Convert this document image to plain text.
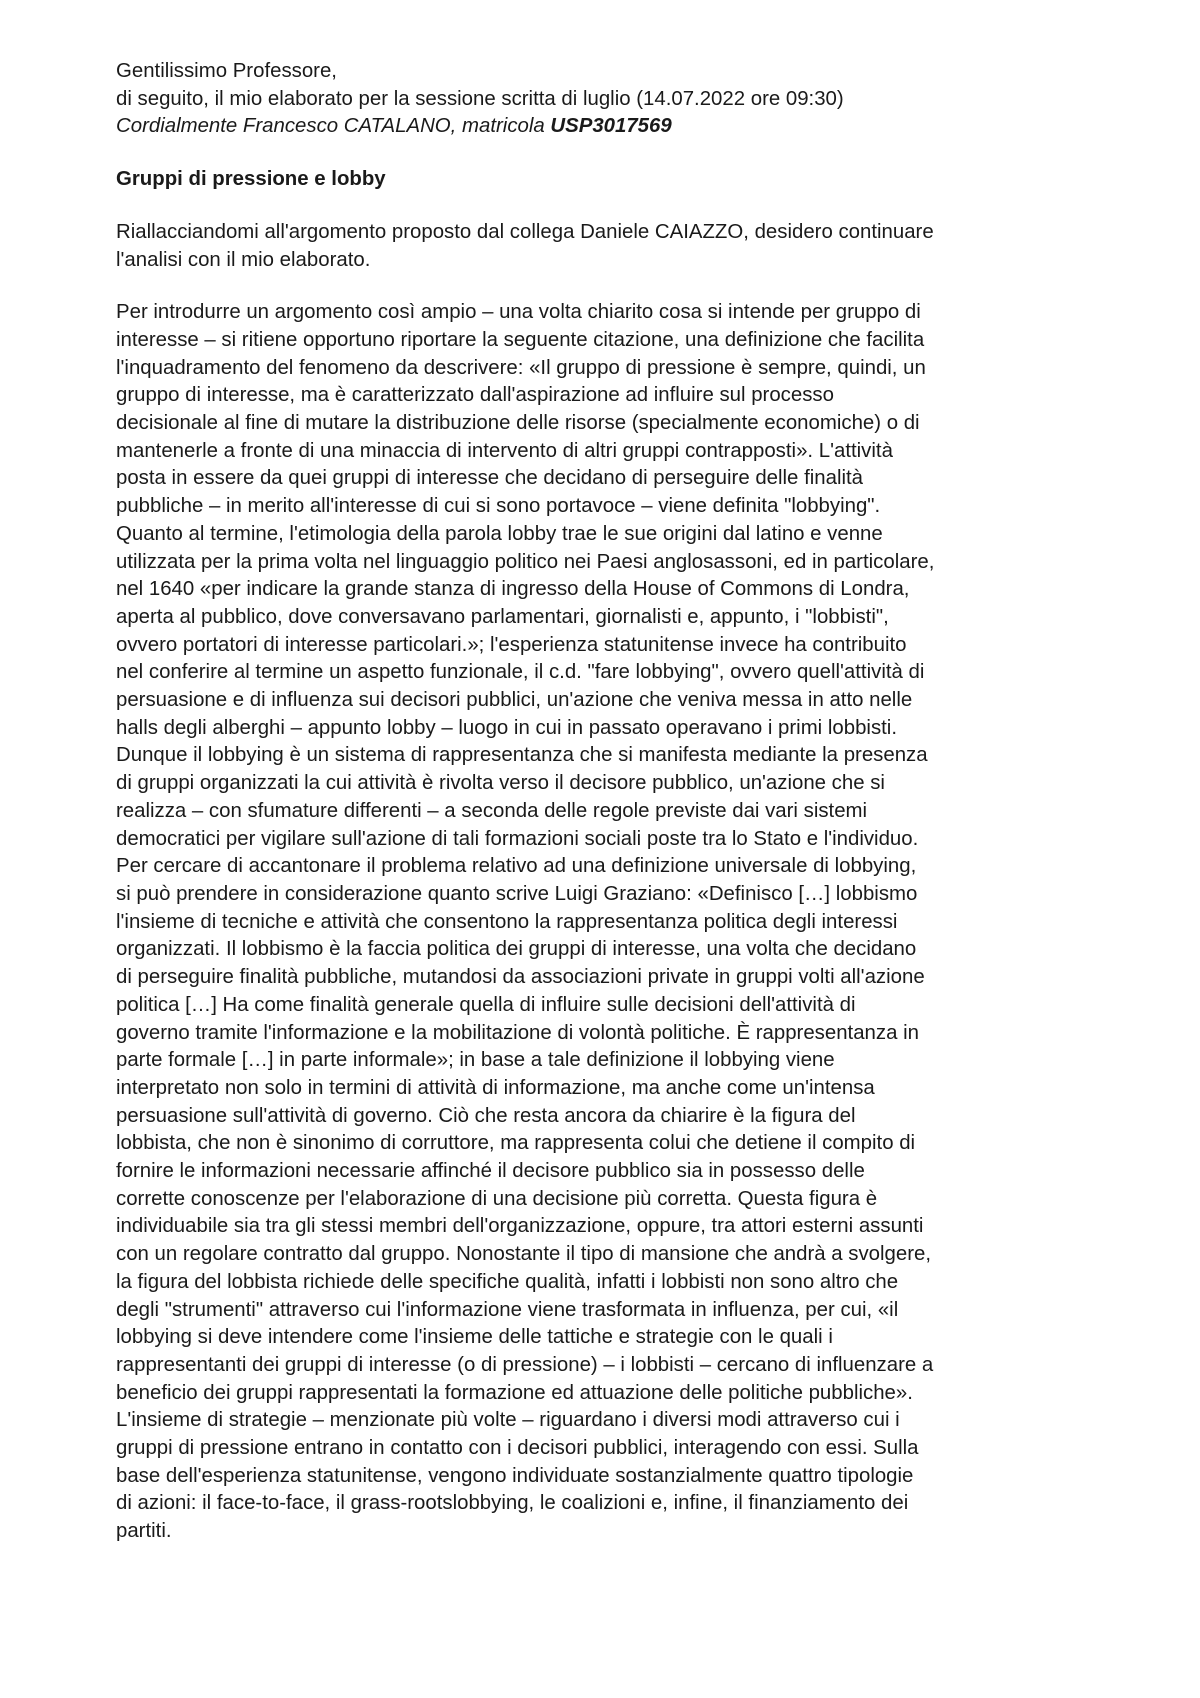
Gentilissimo Professore,

di seguito, il mio elaborato per la sessione scritta di luglio (14.07.2022 ore 09:30)

Cordialmente Francesco CATALANO, matricola USP3017569

Gruppi di pressione e lobby

Riallacciandomi all'argomento proposto dal collega Daniele CAIAZZO, desidero continuare

l'analisi con il mio elaborato.

Per introdurre un argomento così ampio – una volta chiarito cosa si intende per gruppo di

interesse – si ritiene opportuno riportare la seguente citazione, una definizione che facilita

l'inquadramento del fenomeno da descrivere: «Il gruppo di pressione è sempre, quindi, un

gruppo di interesse, ma è caratterizzato dall'aspirazione ad influire sul processo

decisionale al fine di mutare la distribuzione delle risorse (specialmente economiche) o di

mantenerle a fronte di una minaccia di intervento di altri gruppi contrapposti». L'attività

posta in essere da quei gruppi di interesse che decidano di perseguire delle finalità

pubbliche – in merito all'interesse di cui si sono portavoce – viene definita "lobbying".

Quanto al termine, l'etimologia della parola lobby trae le sue origini dal latino e venne

utilizzata per la prima volta nel linguaggio politico nei Paesi anglosassoni, ed in particolare,

nel 1640 «per indicare la grande stanza di ingresso della House of Commons di Londra,

aperta al pubblico, dove conversavano parlamentari, giornalisti e, appunto, i "lobbisti",

ovvero portatori di interesse particolari.»; l'esperienza statunitense invece ha contribuito

nel conferire al termine un aspetto funzionale, il c.d. "fare lobbying", ovvero quell'attività di

persuasione e di influenza sui decisori pubblici, un'azione che veniva messa in atto nelle

halls degli alberghi – appunto lobby – luogo in cui in passato operavano i primi lobbisti.

Dunque il lobbying è un sistema di rappresentanza che si manifesta mediante la presenza

di gruppi organizzati la cui attività è rivolta verso il decisore pubblico, un'azione che si

realizza – con sfumature differenti – a seconda delle regole previste dai vari sistemi

democratici per vigilare sull'azione di tali formazioni sociali poste tra lo Stato e l'individuo.

Per cercare di accantonare il problema relativo ad una definizione universale di lobbying,

si può prendere in considerazione quanto scrive Luigi Graziano: «Definisco […] lobbismo

l'insieme di tecniche e attività che consentono la rappresentanza politica degli interessi

organizzati. Il lobbismo è la faccia politica dei gruppi di interesse, una volta che decidano

di perseguire finalità pubbliche, mutandosi da associazioni private in gruppi volti all'azione

politica […] Ha come finalità generale quella di influire sulle decisioni dell'attività di

governo tramite l'informazione e la mobilitazione di volontà politiche. È rappresentanza in

parte formale […] in parte informale»; in base a tale definizione il lobbying viene

interpretato non solo in termini di attività di informazione, ma anche come un'intensa

persuasione sull'attività di governo. Ciò che resta ancora da chiarire è la figura del

lobbista, che non è sinonimo di corruttore, ma rappresenta colui che detiene il compito di

fornire le informazioni necessarie affinché il decisore pubblico sia in possesso delle

corrette conoscenze per l'elaborazione di una decisione più corretta. Questa figura è

individuabile sia tra gli stessi membri dell'organizzazione, oppure, tra attori esterni assunti

con un regolare contratto dal gruppo. Nonostante il tipo di mansione che andrà a svolgere,

la figura del lobbista richiede delle specifiche qualità, infatti i lobbisti non sono altro che

degli "strumenti" attraverso cui l'informazione viene trasformata in influenza, per cui, «il

lobbying si deve intendere come l'insieme delle tattiche e strategie con le quali i

rappresentanti dei gruppi di interesse (o di pressione) – i lobbisti – cercano di influenzare a

beneficio dei gruppi rappresentati la formazione ed attuazione delle politiche pubbliche».

L'insieme di strategie – menzionate più volte – riguardano i diversi modi attraverso cui i

gruppi di pressione entrano in contatto con i decisori pubblici, interagendo con essi. Sulla

base dell'esperienza statunitense, vengono individuate sostanzialmente quattro tipologie

di azioni: il face-to-face, il grass-rootslobbying, le coalizioni e, infine, il finanziamento dei

partiti.
